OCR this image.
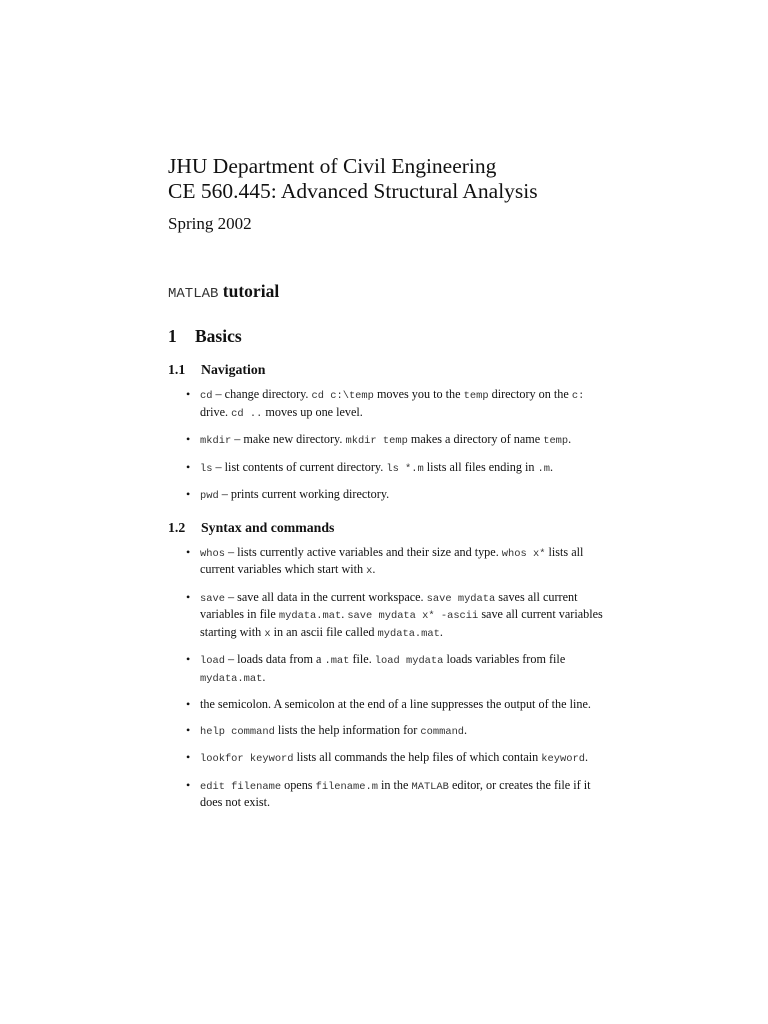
JHU Department of Civil Engineering
CE 560.445: Advanced Structural Analysis
Spring 2002
MATLAB tutorial
1 Basics
1.1 Navigation
• cd – change directory. cd c:\temp moves you to the temp directory on the c: drive. cd .. moves up one level.
• mkdir – make new directory. mkdir temp makes a directory of name temp.
• ls – list contents of current directory. ls *.m lists all files ending in .m.
• pwd – prints current working directory.
1.2 Syntax and commands
• whos – lists currently active variables and their size and type. whos x* lists all current variables which start with x.
• save – save all data in the current workspace. save mydata saves all current variables in file mydata.mat. save mydata x* -ascii save all current variables starting with x in an ascii file called mydata.mat.
• load – loads data from a .mat file. load mydata loads variables from file mydata.mat.
• the semicolon. A semicolon at the end of a line suppresses the output of the line.
• help command lists the help information for command.
• lookfor keyword lists all commands the help files of which contain keyword.
• edit filename opens filename.m in the MATLAB editor, or creates the file if it does not exist.
